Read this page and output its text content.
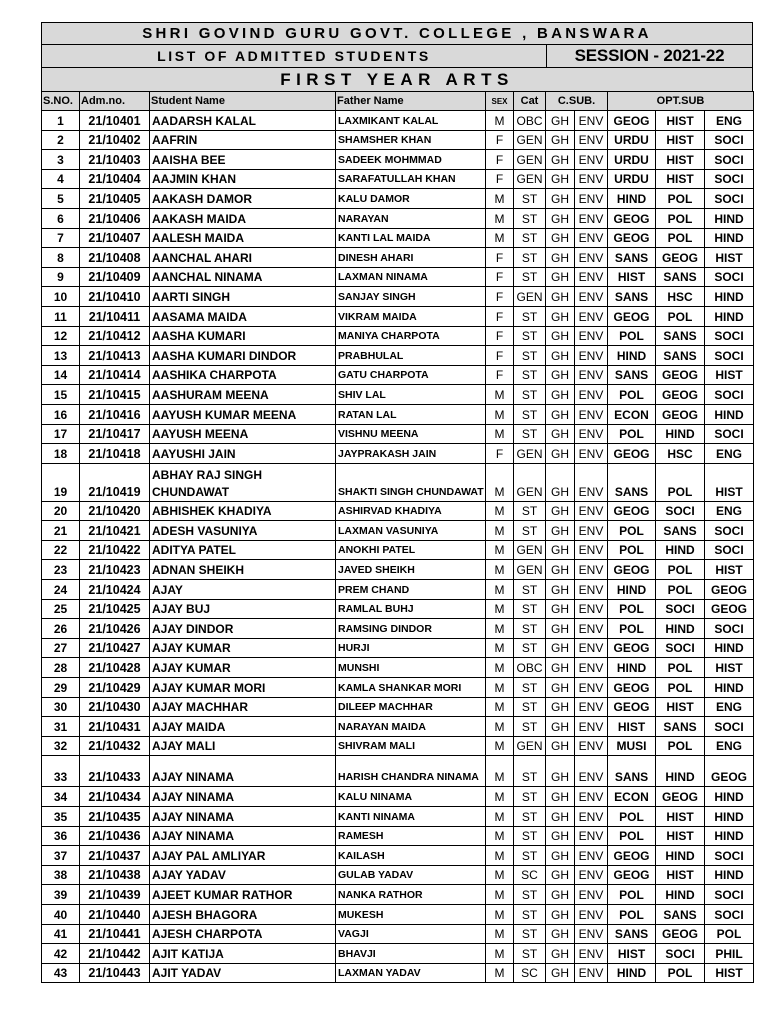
SHRI GOVIND GURU GOVT. COLLEGE , BANSWARA
LIST OF ADMITTED STUDENTS	SESSION - 2021-22
FIRST YEAR ARTS
S.NO.	Adm.no.	Student Name	Father Name	SEX	Cat	C.SUB.		OPT.SUB		
1	21/10401	AADARSH KALAL	LAXMIKANT KALAL	M	OBC	GH	ENV	GEOG	HIST	ENG
2	21/10402	AAFRIN	SHAMSHER KHAN	F	GEN	GH	ENV	URDU	HIST	SOCI
3	21/10403	AAISHA BEE	SADEEK MOHMMAD	F	GEN	GH	ENV	URDU	HIST	SOCI
4	21/10404	AAJMIN KHAN	SARAFATULLAH KHAN	F	GEN	GH	ENV	URDU	HIST	SOCI
5	21/10405	AAKASH DAMOR	KALU DAMOR	M	ST	GH	ENV	HIND	POL	SOCI
6	21/10406	AAKASH MAIDA	NARAYAN	M	ST	GH	ENV	GEOG	POL	HIND
7	21/10407	AALESH MAIDA	KANTI LAL MAIDA	M	ST	GH	ENV	GEOG	POL	HIND
8	21/10408	AANCHAL AHARI	DINESH AHARI	F	ST	GH	ENV	SANS	GEOG	HIST
9	21/10409	AANCHAL NINAMA	LAXMAN NINAMA	F	ST	GH	ENV	HIST	SANS	SOCI
10	21/10410	AARTI SINGH	SANJAY SINGH	F	GEN	GH	ENV	SANS	HSC	HIND
11	21/10411	AASAMA MAIDA	VIKRAM MAIDA	F	ST	GH	ENV	GEOG	POL	HIND
12	21/10412	AASHA KUMARI	MANIYA CHARPOTA	F	ST	GH	ENV	POL	SANS	SOCI
13	21/10413	AASHA KUMARI DINDOR	PRABHULAL	F	ST	GH	ENV	HIND	SANS	SOCI
14	21/10414	AASHIKA CHARPOTA	GATU CHARPOTA	F	ST	GH	ENV	SANS	GEOG	HIST
15	21/10415	AASHURAM MEENA	SHIV LAL	M	ST	GH	ENV	POL	GEOG	SOCI
16	21/10416	AAYUSH KUMAR MEENA	RATAN LAL	M	ST	GH	ENV	ECON	GEOG	HIND
17	21/10417	AAYUSH MEENA	VISHNU MEENA	M	ST	GH	ENV	POL	HIND	SOCI
18	21/10418	AAYUSHI JAIN	JAYPRAKASH JAIN	F	GEN	GH	ENV	GEOG	HSC	ENG
19	21/10419	ABHAY RAJ SINGH CHUNDAWAT	SHAKTI SINGH CHUNDAWAT	M	GEN	GH	ENV	SANS	POL	HIST
20	21/10420	ABHISHEK KHADIYA	ASHIRVAD KHADIYA	M	ST	GH	ENV	GEOG	SOCI	ENG
21	21/10421	ADESH VASUNIYA	LAXMAN VASUNIYA	M	ST	GH	ENV	POL	SANS	SOCI
22	21/10422	ADITYA PATEL	ANOKHI PATEL	M	GEN	GH	ENV	POL	HIND	SOCI
23	21/10423	ADNAN SHEIKH	JAVED SHEIKH	M	GEN	GH	ENV	GEOG	POL	HIST
24	21/10424	AJAY	PREM CHAND	M	ST	GH	ENV	HIND	POL	GEOG
25	21/10425	AJAY BUJ	RAMLAL BUHJ	M	ST	GH	ENV	POL	SOCI	GEOG
26	21/10426	AJAY DINDOR	RAMSING DINDOR	M	ST	GH	ENV	POL	HIND	SOCI
27	21/10427	AJAY KUMAR	HURJI	M	ST	GH	ENV	GEOG	SOCI	HIND
28	21/10428	AJAY KUMAR	MUNSHI	M	OBC	GH	ENV	HIND	POL	HIST
29	21/10429	AJAY KUMAR MORI	KAMLA SHANKAR MORI	M	ST	GH	ENV	GEOG	POL	HIND
30	21/10430	AJAY MACHHAR	DILEEP MACHHAR	M	ST	GH	ENV	GEOG	HIST	ENG
31	21/10431	AJAY MAIDA	NARAYAN MAIDA	M	ST	GH	ENV	HIST	SANS	SOCI
32	21/10432	AJAY MALI	SHIVRAM MALI	M	GEN	GH	ENV	MUSI	POL	ENG
33	21/10433	AJAY NINAMA	HARISH CHANDRA NINAMA	M	ST	GH	ENV	SANS	HIND	GEOG
34	21/10434	AJAY NINAMA	KALU NINAMA	M	ST	GH	ENV	ECON	GEOG	HIND
35	21/10435	AJAY NINAMA	KANTI NINAMA	M	ST	GH	ENV	POL	HIST	HIND
36	21/10436	AJAY NINAMA	RAMESH	M	ST	GH	ENV	POL	HIST	HIND
37	21/10437	AJAY PAL AMLIYAR	KAILASH	M	ST	GH	ENV	GEOG	HIND	SOCI
38	21/10438	AJAY YADAV	GULAB YADAV	M	SC	GH	ENV	GEOG	HIST	HIND
39	21/10439	AJEET KUMAR RATHOR	NANKA RATHOR	M	ST	GH	ENV	POL	HIND	SOCI
40	21/10440	AJESH BHAGORA	MUKESH	M	ST	GH	ENV	POL	SANS	SOCI
41	21/10441	AJESH CHARPOTA	VAGJI	M	ST	GH	ENV	SANS	GEOG	POL
42	21/10442	AJIT KATIJA	BHAVJI	M	ST	GH	ENV	HIST	SOCI	PHIL
43	21/10443	AJIT YADAV	LAXMAN YADAV	M	SC	GH	ENV	HIND	POL	HIST
